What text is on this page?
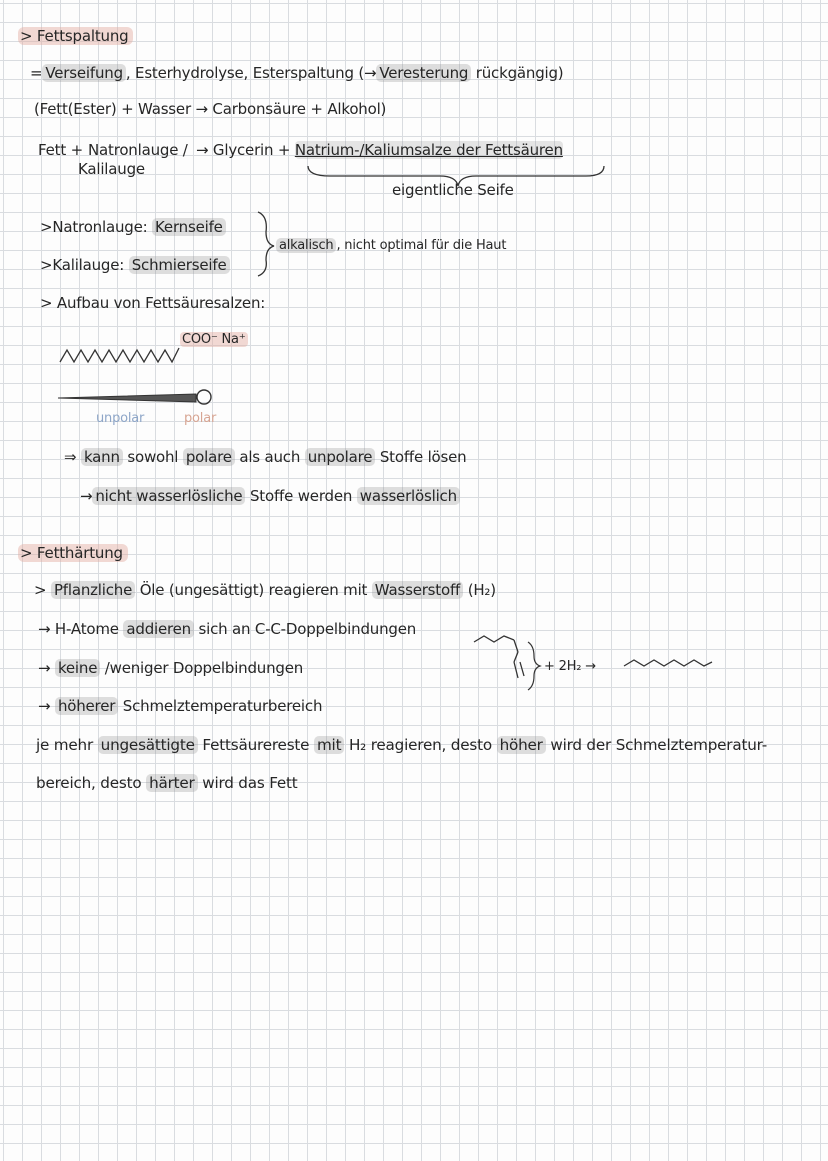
> Fettspaltung
= Verseifung , Esterhydrolyse, Esterspaltung (→ Veresterung rückgängig)
(Fett(Ester) + Wasser → Carbonsäure + Alkohol)
Fett + Natronlauge /
Kalilauge
→ Glycerin + Natrium-/Kaliumsalze der Fettsäuren
eigentliche Seife
>Natronlauge: Kernseife
>Kalilauge: Schmierseife
alkalisch , nicht optimal für die Haut
> Aufbau von Fettsäuresalzen:
COO⁻ Na⁺
unpolar	polar
⇒ kann sowohl polare als auch unpolare Stoffe lösen
→ nicht wasserlösliche Stoffe werden wasserlöslich
> Fetthärtung
> Pflanzliche Öle (ungesättigt) reagieren mit Wasserstoff (H₂)
→ H-Atome addieren sich an C-C-Doppelbindungen
→ keine /weniger Doppelbindungen
→ höherer Schmelztemperaturbereich
+ 2H₂ →
je mehr ungesättigte Fettsäurereste mit H₂ reagieren, desto höher wird der Schmelztemperatur-
bereich, desto härter wird das Fett
